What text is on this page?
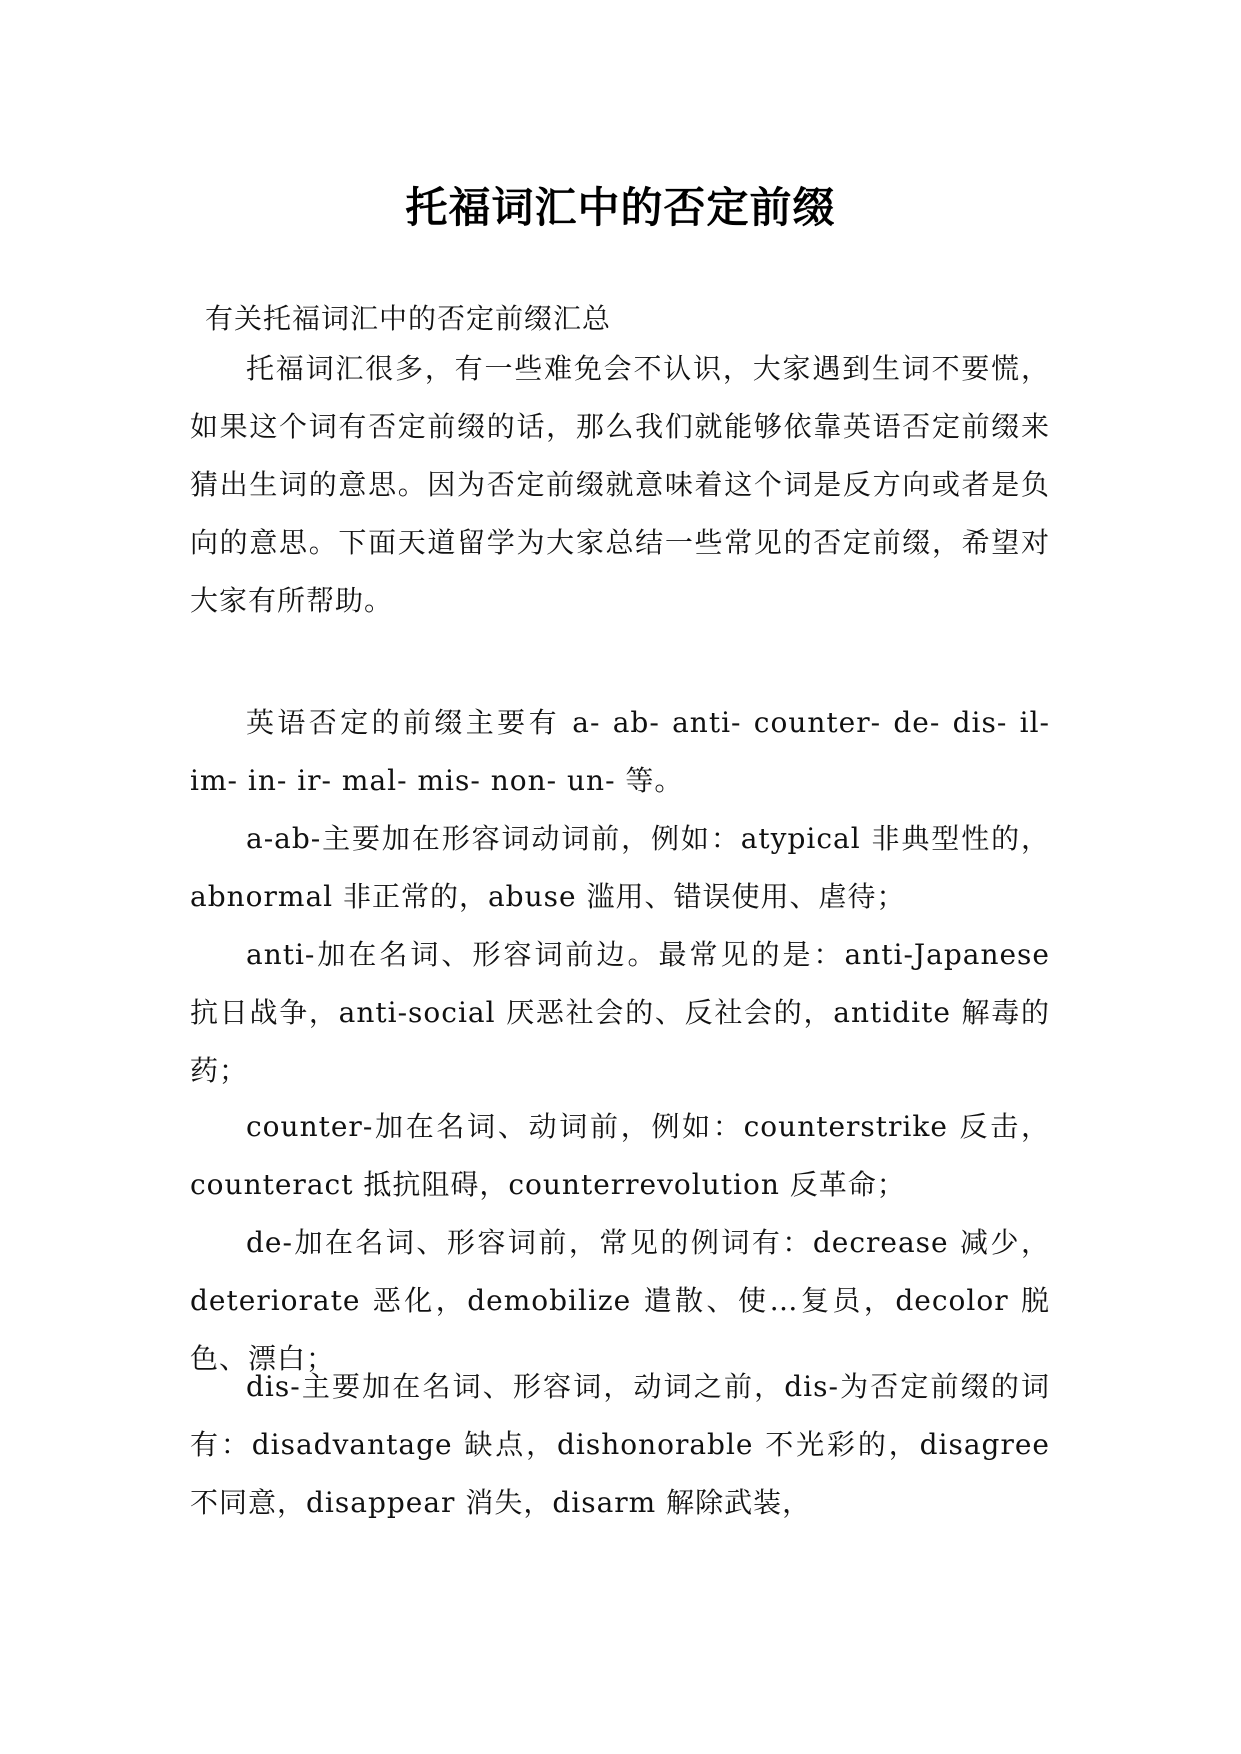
托福词汇中的否定前缀

有关托福词汇中的否定前缀汇总

托福词汇很多，有一些难免会不认识，大家遇到生词不要慌，如果这个词有否定前缀的话，那么我们就能够依靠英语否定前缀来猜出生词的意思。因为否定前缀就意味着这个词是反方向或者是负向的意思。下面天道留学为大家总结一些常见的否定前缀，希望对大家有所帮助。

英语否定的前缀主要有 a- ab- anti- counter- de- dis- il- im- in- ir- mal- mis- non- un- 等。

a-ab-主要加在形容词动词前，例如：atypical 非典型性的，abnormal 非正常的，abuse 滥用、错误使用、虐待；

anti-加在名词、形容词前边。最常见的是：anti-Japanese 抗日战争，anti-social 厌恶社会的、反社会的，antidite 解毒的药；

counter-加在名词、动词前，例如：counterstrike 反击，counteract 抵抗阻碍，counterrevolution 反革命；

de-加在名词、形容词前，常见的例词有：decrease 减少，deteriorate 恶化，demobilize 遣散、使…复员，decolor 脱色、漂白；

dis-主要加在名词、形容词，动词之前，dis-为否定前缀的词有：disadvantage 缺点，dishonorable 不光彩的，disagree 不同意，disappear 消失，disarm 解除武装，
